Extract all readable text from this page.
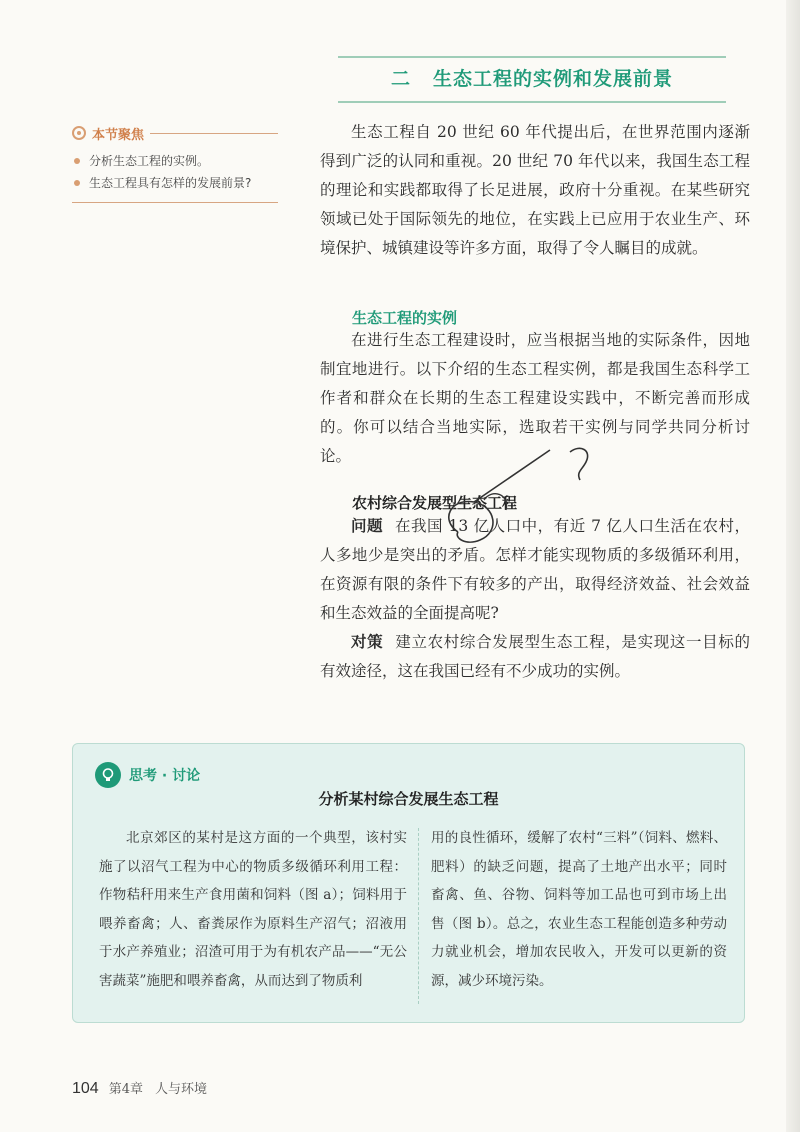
二 生态工程的实例和发展前景
本节聚焦
分析生态工程的实例。
生态工程具有怎样的发展前景?

生态工程自 20 世纪 60 年代提出后，在世界范围内逐渐得到广泛的认同和重视。20 世纪 70 年代以来，我国生态工程的理论和实践都取得了长足进展，政府十分重视。在某些研究领域已处于国际领先的地位，在实践上已应用于农业生产、环境保护、城镇建设等许多方面，取得了令人瞩目的成就。

生态工程的实例

在进行生态工程建设时，应当根据当地的实际条件，因地制宜地进行。以下介绍的生态工程实例，都是我国生态科学工作者和群众在长期的生态工程建设实践中，不断完善而形成的。你可以结合当地实际，选取若干实例与同学共同分析讨论。

农村综合发展型生态工程

问题 在我国 13 亿人口中，有近 7 亿人口生活在农村，人多地少是突出的矛盾。怎样才能实现物质的多级循环利用，在资源有限的条件下有较多的产出，取得经济效益、社会效益和生态效益的全面提高呢?

对策 建立农村综合发展型生态工程，是实现这一目标的有效途径，这在我国已经有不少成功的实例。

思考 · 讨论
分析某村综合发展生态工程

北京郊区的某村是这方面的一个典型，该村实施了以沼气工程为中心的物质多级循环利用工程：作物秸秆用来生产食用菌和饲料（图 a）；饲料用于喂养畜禽；人、畜粪尿作为原料生产沼气；沼液用于水产养殖业；沼渣可用于为有机农产品——“无公害蔬菜”施肥和喂养畜禽，从而达到了物质利

用的良性循环，缓解了农村“三料”（饲料、燃料、肥料）的缺乏问题，提高了土地产出水平；同时畜禽、鱼、谷物、饲料等加工品也可到市场上出售（图 b）。总之，农业生态工程能创造多种劳动力就业机会，增加农民收入，开发可以更新的资源，减少环境污染。

104 第4章 人与环境
